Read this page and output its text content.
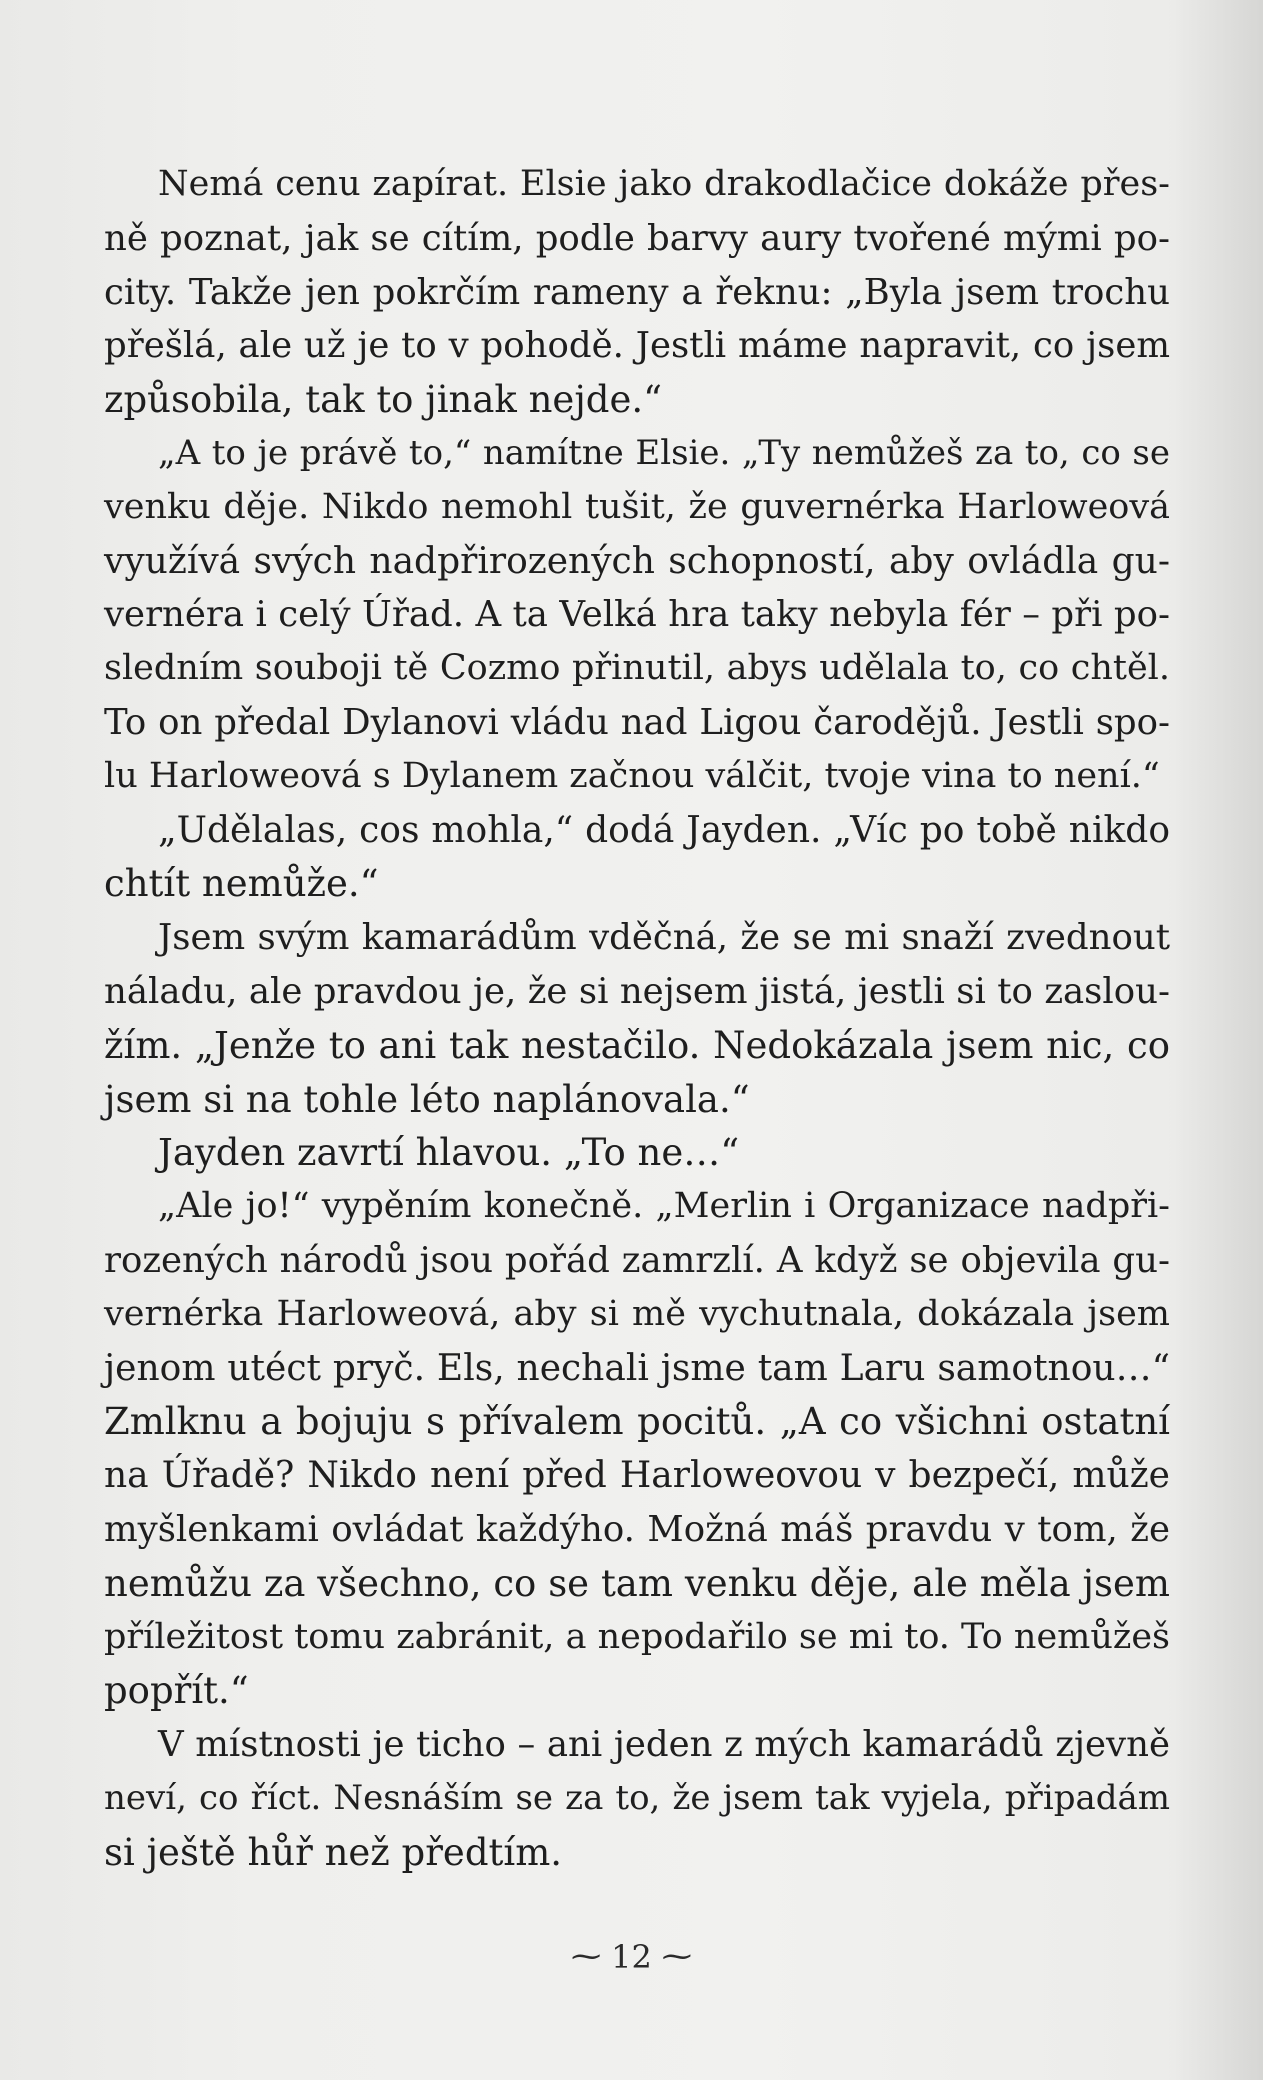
Nemá cenu zapírat. Elsie jako drakodlačice dokáže přes-
ně poznat, jak se cítím, podle barvy aury tvořené mými po-
city. Takže jen pokrčím rameny a řeknu: „Byla jsem trochu
přešlá, ale už je to v pohodě. Jestli máme napravit, co jsem
způsobila, tak to jinak nejde.“
„A to je právě to,“ namítne Elsie. „Ty nemůžeš za to, co se
venku děje. Nikdo nemohl tušit, že guvernérka Harloweová
využívá svých nadpřirozených schopností, aby ovládla gu-
vernéra i celý Úřad. A ta Velká hra taky nebyla fér – při po-
sledním souboji tě Cozmo přinutil, abys udělala to, co chtěl.
To on předal Dylanovi vládu nad Ligou čarodějů. Jestli spo-
lu Harloweová s Dylanem začnou válčit, tvoje vina to není.“
„Udělalas, cos mohla,“ dodá Jayden. „Víc po tobě nikdo
chtít nemůže.“
Jsem svým kamarádům vděčná, že se mi snaží zvednout
náladu, ale pravdou je, že si nejsem jistá, jestli si to zaslou-
žím. „Jenže to ani tak nestačilo. Nedokázala jsem nic, co
jsem si na tohle léto naplánovala.“
Jayden zavrtí hlavou. „To ne…“
„Ale jo!“ vypěním konečně. „Merlin i Organizace nadpři-
rozených národů jsou pořád zamrzlí. A když se objevila gu-
vernérka Harloweová, aby si mě vychutnala, dokázala jsem
jenom utéct pryč. Els, nechali jsme tam Laru samotnou…“
Zmlknu a bojuju s přívalem pocitů. „A co všichni ostatní
na Úřadě? Nikdo není před Harloweovou v bezpečí, může
myšlenkami ovládat každýho. Možná máš pravdu v tom, že
nemůžu za všechno, co se tam venku děje, ale měla jsem
příležitost tomu zabránit, a nepodařilo se mi to. To nemůžeš
popřít.“
V místnosti je ticho – ani jeden z mých kamarádů zjevně
neví, co říct. Nesnáším se za to, že jsem tak vyjela, připadám
si ještě hůř než předtím.
⁓ 12 ⁓
